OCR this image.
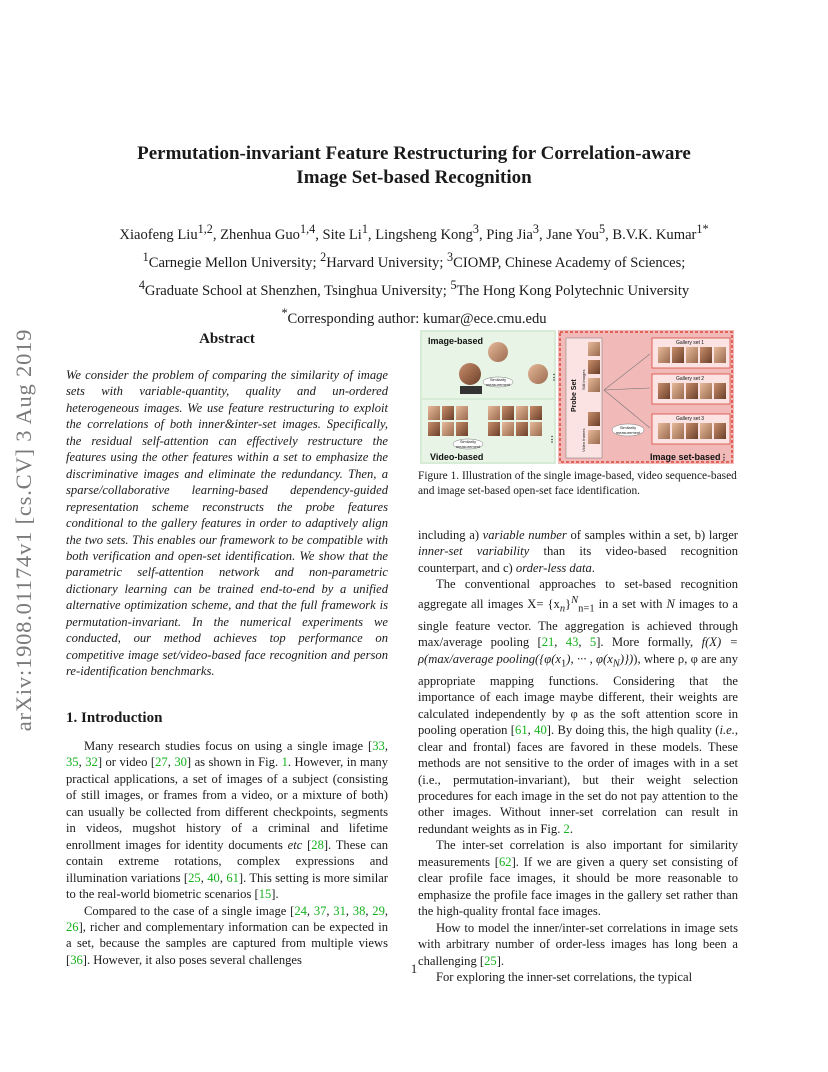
Permutation-invariant Feature Restructuring for Correlation-aware
Image Set-based Recognition
Xiaofeng Liu$^{1,2}$, Zhenhua Guo$^{1,4}$, Site Li$^1$, Lingsheng Kong$^3$, Ping Jia$^3$, Jane You$^5$, B.V.K. Kumar$^{1*}$
$^1$Carnegie Mellon University; $^2$Harvard University; $^3$CIOMP, Chinese Academy of Sciences;
$^4$Graduate School at Shenzhen, Tsinghua University; $^5$The Hong Kong Polytechnic University
*Corresponding author: kumar@ece.cmu.edu
arXiv:1908.01174v1 [cs.CV] 3 Aug 2019	Abstract
We consider the problem of comparing the similarity of image sets with variable-quantity, quality and un-ordered heterogeneous images. We use feature restructuring to exploit the correlations of both inner&inter-set images. Specifically, the residual self-attention can effectively restructure the features using the other features within a set to emphasize the discriminative images and eliminate the redundancy. Then, a sparse/collaborative learning-based dependency-guided representation scheme reconstructs the probe features conditional to the gallery features in order to adaptively align the two sets. This enables our framework to be compatible with both verification and open-set identification. We show that the parametric self-attention network and non-parametric dictionary learning can be trained end-to-end by a unified alternative optimization scheme, and that the full framework is permutation-invariant. In the numerical experiments we conducted, our method achieves top performance on competitive image set/video-based face recognition and person re-identification benchmarks.
1. Introduction

Many research studies focus on using a single image [33, 35, 32] or video [27, 30] as shown in Fig. 1. However, in many practical applications, a set of images of a subject (consisting of still images, or frames from a video, or a mixture of both) can usually be collected from different checkpoints, segments in videos, mugshot history of a criminal and lifetime enrollment images for identity documents etc [28]. These can contain extreme rotations, complex expressions and illumination variations [25, 40, 61]. This setting is more similar to the real-world biometric scenarios [15].

Compared to the case of a single image [24, 37, 31, 38, 29, 26], richer and complementary information can be expected in a set, because the samples are captured from multiple views [36]. However, it also poses several challenges

Image-based
Video-based	Image set-based
Similarity
measurement
Similarity
measurement
Similarity
measurement
Gallery set 1
Gallery set 2
Gallery set 3
Probe Set Still images
Video frames
⋮
⋮
⋮
Figure 1. Illustration of the single image-based, video sequence-based and image set-based open-set face identification.

including a) variable number of samples within a set, b) larger inner-set variability than its video-based recognition counterpart, and c) order-less data.

The conventional approaches to set-based recognition aggregate all images $X= \{x_n\}^N_{n=1}$ in a set with N images to a single feature vector. The aggregation is achieved through max/average pooling [21, 43, 5]. More formally, f(X) = ρ(max/average $pooling(\{\varphi(x_1)$, ··· , $\varphi(x_N)$})), where ρ, φ are any appropriate mapping functions. Considering that the importance of each image maybe different, their weights are calculated independently by φ as the soft attention score in pooling operation [61, 40]. By doing this, the high quality (i.e., clear and frontal) faces are favored in these models. These methods are not sensitive to the order of images with in a set (i.e., permutation-invariant), but their weight selection procedures for each image in the set do not pay attention to the other images. Without inner-set correlation can result in redundant weights as in Fig. 2.

The inter-set correlation is also important for similarity measurements [62]. If we are given a query set consisting of clear profile face images, it should be more reasonable to emphasize the profile face images in the gallery set rather than the high-quality frontal face images.

How to model the inner/inter-set correlations in image sets with arbitrary number of order-less images has long been a challenging [25].

For exploring the inner-set correlations, the typical

1
